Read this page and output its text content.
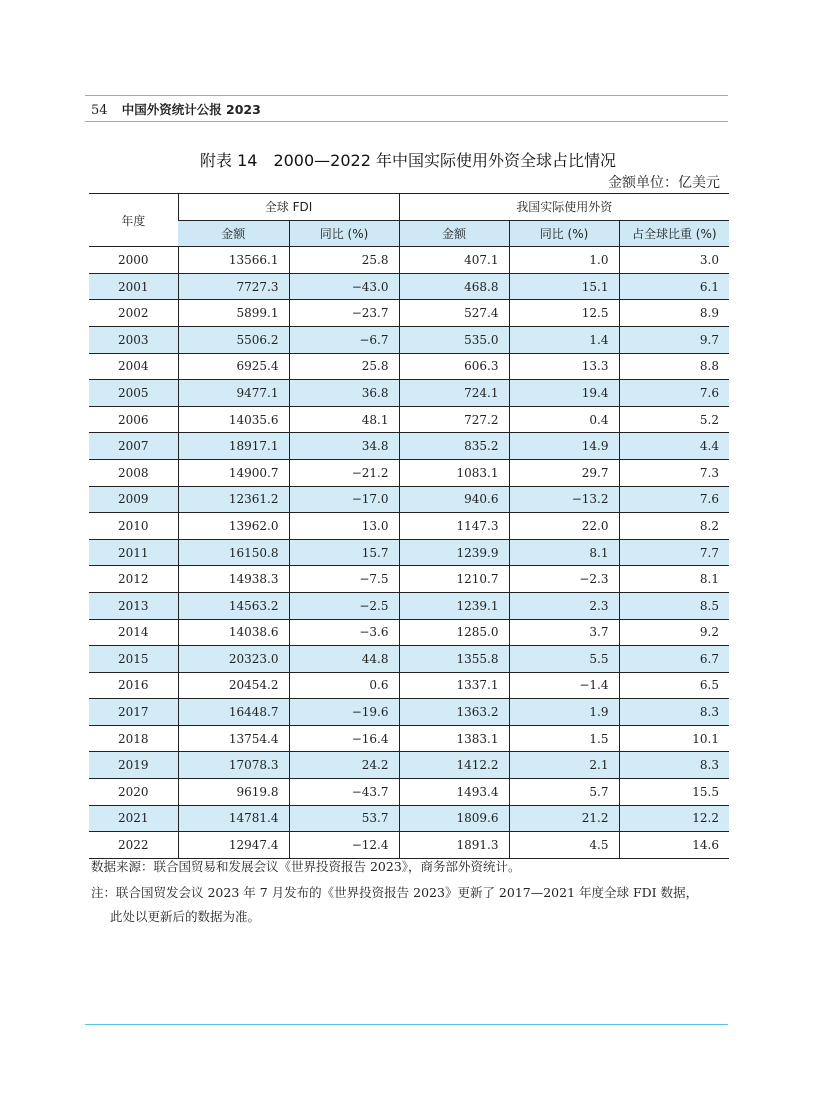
54 中国外资统计公报 2023
附表 14　2000—2022 年中国实际使用外资全球占比情况
金额单位：亿美元
年度	全球 FDI		我国实际使用外资		
	金额	同比 (%)	金额	同比 (%)	占全球比重 (%)
2000	13566.1	25.8	407.1	1.0	3.0
2001	7727.3	−43.0	468.8	15.1	6.1
2002	5899.1	−23.7	527.4	12.5	8.9
2003	5506.2	−6.7	535.0	1.4	9.7
2004	6925.4	25.8	606.3	13.3	8.8
2005	9477.1	36.8	724.1	19.4	7.6
2006	14035.6	48.1	727.2	0.4	5.2
2007	18917.1	34.8	835.2	14.9	4.4
2008	14900.7	−21.2	1083.1	29.7	7.3
2009	12361.2	−17.0	940.6	−13.2	7.6
2010	13962.0	13.0	1147.3	22.0	8.2
2011	16150.8	15.7	1239.9	8.1	7.7
2012	14938.3	−7.5	1210.7	−2.3	8.1
2013	14563.2	−2.5	1239.1	2.3	8.5
2014	14038.6	−3.6	1285.0	3.7	9.2
2015	20323.0	44.8	1355.8	5.5	6.7
2016	20454.2	0.6	1337.1	−1.4	6.5
2017	16448.7	−19.6	1363.2	1.9	8.3
2018	13754.4	−16.4	1383.1	1.5	10.1
2019	17078.3	24.2	1412.2	2.1	8.3
2020	9619.8	−43.7	1493.4	5.7	15.5
2021	14781.4	53.7	1809.6	21.2	12.2
2022	12947.4	−12.4	1891.3	4.5	14.6
数据来源：联合国贸易和发展会议《世界投资报告 2023》，商务部外资统计。
注：联合国贸发会议 2023 年 7 月发布的《世界投资报告 2023》更新了 2017—2021 年度全球 FDI 数据，
此处以更新后的数据为准。
